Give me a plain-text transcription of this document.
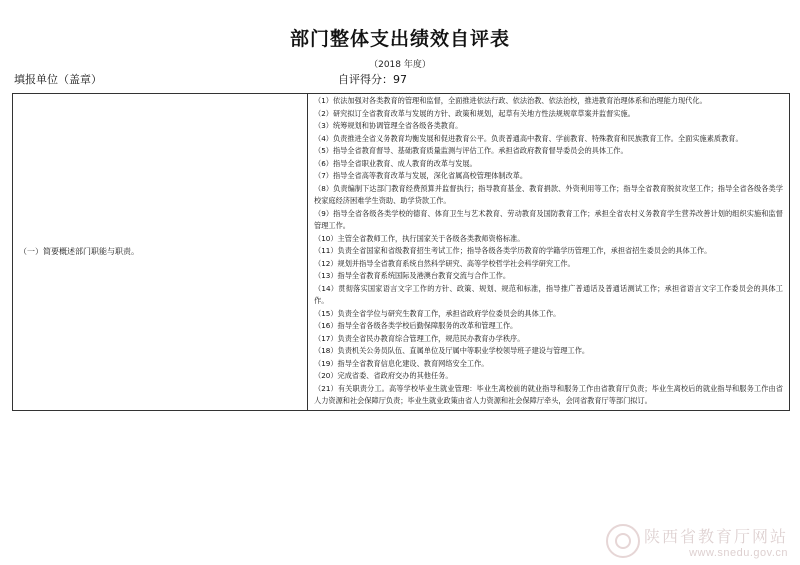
部门整体支出绩效自评表
（2018 年度）
填报单位（盖章）	自评得分：97
（一）简要概述部门职能与职责。	
（1）依法加强对各类教育的管理和监督，全面推进依法行政、依法治教、依法治校，推进教育治理体系和治理能力现代化。
（2）研究拟订全省教育改革与发展的方针、政策和规划，起草有关地方性法规规章草案并监督实施。
（3）统筹规划和协调管理全省各级各类教育。
（4）负责推进全省义务教育均衡发展和促进教育公平。负责普通高中教育、学前教育、特殊教育和民族教育工作。全面实施素质教育。
（5）指导全省教育督导、基础教育质量监测与评估工作。承担省政府教育督导委员会的具体工作。
（6）指导全省职业教育、成人教育的改革与发展。
（7）指导全省高等教育改革与发展，深化省属高校管理体制改革。
（8）负责编制下达部门教育经费预算并监督执行；指导教育基金、教育捐款、外资利用等工作；指导全省教育脱贫攻坚工作；指导全省各级各类学校家庭经济困难学生资助、助学贷款工作。
（9）指导全省各级各类学校的德育、体育卫生与艺术教育、劳动教育及国防教育工作；承担全省农村义务教育学生营养改善计划的组织实施和监督管理工作。
（10）主管全省教师工作，执行国家关于各级各类教师资格标准。
（11）负责全省国家和省级教育招生考试工作；指导各级各类学历教育的学籍学历管理工作，承担省招生委员会的具体工作。
（12）规划并指导全省教育系统自然科学研究、高等学校哲学社会科学研究工作。
（13）指导全省教育系统国际及港澳台教育交流与合作工作。
（14）贯彻落实国家语言文字工作的方针、政策、规划、规范和标准，指导推广普通话及普通话测试工作；承担省语言文字工作委员会的具体工作。
（15）负责全省学位与研究生教育工作，承担省政府学位委员会的具体工作。
（16）指导全省各级各类学校后勤保障服务的改革和管理工作。
（17）负责全省民办教育综合管理工作，规范民办教育办学秩序。
（18）负责机关公务员队伍、直属单位及厅属中等职业学校领导班子建设与管理工作。
（19）指导全省教育信息化建设、教育网络安全工作。
（20）完成省委、省政府交办的其他任务。
（21）有关职责分工。高等学校毕业生就业管理：毕业生离校前的就业指导和服务工作由省教育厅负责；毕业生离校后的就业指导和服务工作由省人力资源和社会保障厅负责；毕业生就业政策由省人力资源和社会保障厅牵头，会同省教育厅等部门拟订。
陕西省教育厅网站
www.snedu.gov.cn
